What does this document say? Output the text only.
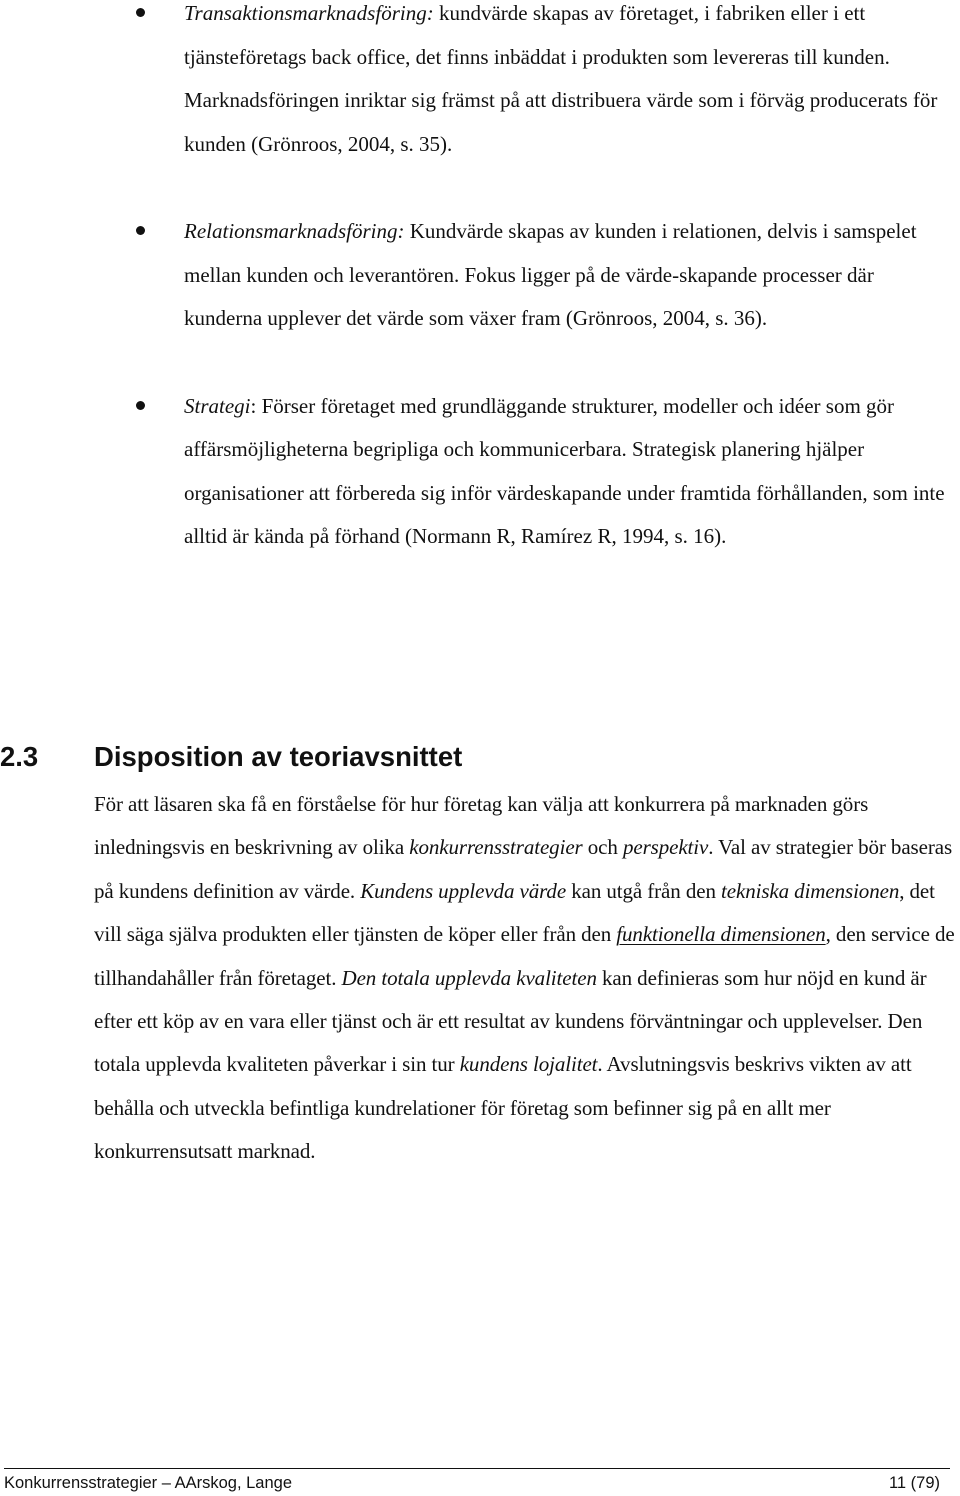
Transaktionsmarknadsföring: kundvärde skapas av företaget, i fabriken eller i ett tjänsteföretags back office, det finns inbäddat i produkten som levereras till kunden. Marknadsföringen inriktar sig främst på att distribuera värde som i förväg producerats för kunden (Grönroos, 2004, s. 35).
Relationsmarknadsföring: Kundvärde skapas av kunden i relationen, delvis i samspelet mellan kunden och leverantören. Fokus ligger på de värde-skapande processer där kunderna upplever det värde som växer fram (Grönroos, 2004, s. 36).
Strategi: Förser företaget med grundläggande strukturer, modeller och idéer som gör affärsmöjligheterna begripliga och kommunicerbara. Strategisk planering hjälper organisationer att förbereda sig inför värdeskapande under framtida förhållanden, som inte alltid är kända på förhand (Normann R, Ramírez R, 1994, s. 16).
2.3 Disposition av teoriavsnittet

För att läsaren ska få en förståelse för hur företag kan välja att konkurrera på marknaden görs inledningsvis en beskrivning av olika konkurrensstrategier och perspektiv. Val av strategier bör baseras på kundens definition av värde. Kundens upplevda värde kan utgå från den tekniska dimensionen, det vill säga själva produkten eller tjänsten de köper eller från den funktionella dimensionen, den service de tillhandahåller från företaget. Den totala upplevda kvaliteten kan definieras som hur nöjd en kund är efter ett köp av en vara eller tjänst och är ett resultat av kundens förväntningar och upplevelser. Den totala upplevda kvaliteten påverkar i sin tur kundens lojalitet. Avslutningsvis beskrivs vikten av att behålla och utveckla befintliga kundrelationer för företag som befinner sig på en allt mer konkurrensutsatt marknad.

Konkurrensstrategier – AArskog, Lange	11 (79)
